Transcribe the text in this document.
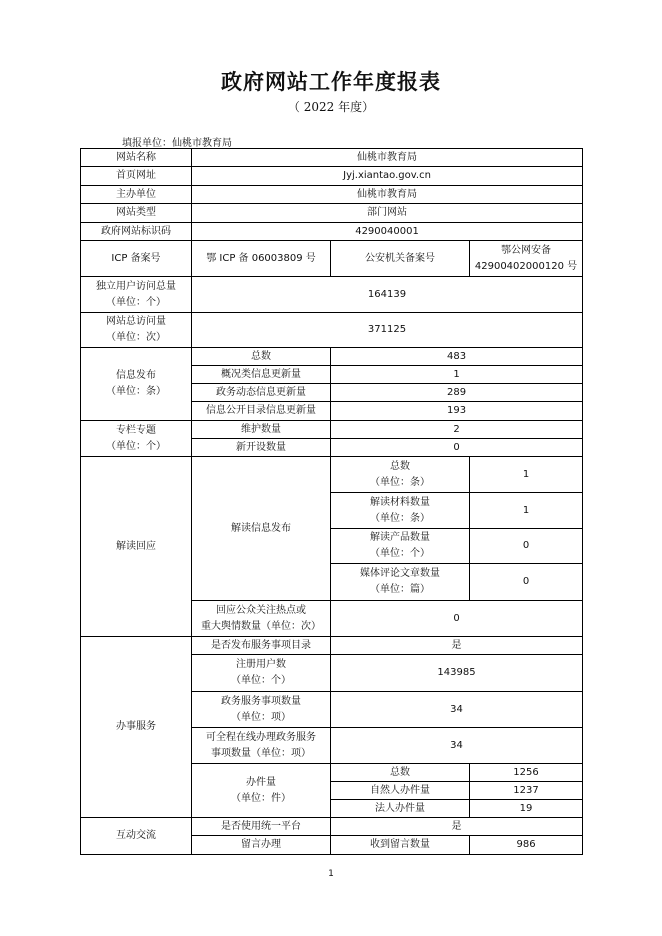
政府网站工作年度报表
（ 2022 年度）
填报单位：仙桃市教育局
网站名称	仙桃市教育局		
首页网址	Jyj.xiantao.gov.cn		
主办单位	仙桃市教育局		
网站类型	部门网站		
政府网站标识码	4290040001		
ICP 备案号	鄂 ICP 备 06003809 号	公安机关备案号	鄂公网安备
42900402000120 号

独立用户访问总量
（单位：个）	164139		

网站总访问量
（单位：次）	371125		

信息发布
（单位：条）	总数	483	
	概况类信息更新量	1	
	政务动态信息更新量	289	
	信息公开目录信息更新量	193	

专栏专题
（单位：个）	维护数量	2	
	新开设数量	0	
解读回应	解读信息发布	总数
（单位：条）	1

		解读材料数量
（单位：条）	1

		解读产品数量
（单位：个）	0

		媒体评论文章数量
（单位：篇）	0

	回应公众关注热点或
重大舆情数量（单位：次）	0	
办事服务	是否发布服务事项目录	是	

	注册用户数
（单位：个）	143985	

	政务服务事项数量
（单位：项）	34	

	可全程在线办理政务服务
事项数量（单位：项）	34	

	办件量
（单位：件）	总数	1256
		自然人办件量	1237
		法人办件量	19
互动交流	是否使用统一平台	是	
	留言办理	收到留言数量	986
1
